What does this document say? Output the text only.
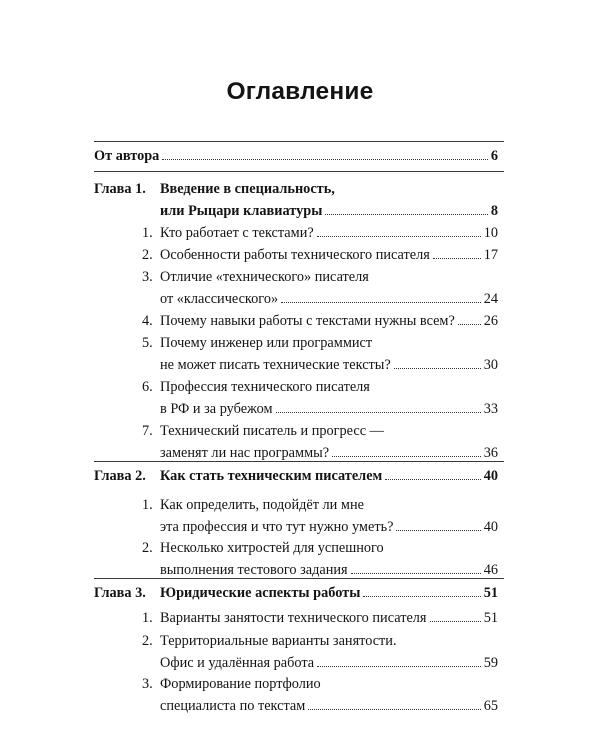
Оглавление
От автора	6
Глава 1. Введение в специальность,
или Рыцари клавиатуры	8
1. Кто работает с текстами?	10
2. Особенности работы технического писателя	17
3. Отличие «технического» писателя
от «классического»	24
4. Почему навыки работы с текстами нужны всем? 26
5. Почему инженер или программист
не может писать технические тексты?	30
6. Профессия технического писателя
в РФ и за рубежом	33
7. Технический писатель и прогресс —
заменят ли нас программы?	36
Глава 2. Как стать техническим писателем	40
1. Как определить, подойдёт ли мне
эта профессия и что тут нужно уметь?	40
2. Несколько хитростей для успешного
выполнения тестового задания	46
Глава 3. Юридические аспекты работы	51
1. Варианты занятости технического писателя	51
2. Территориальные варианты занятости.
Офис и удалённая работа	59
3. Формирование портфолио
специалиста по текстам	65
